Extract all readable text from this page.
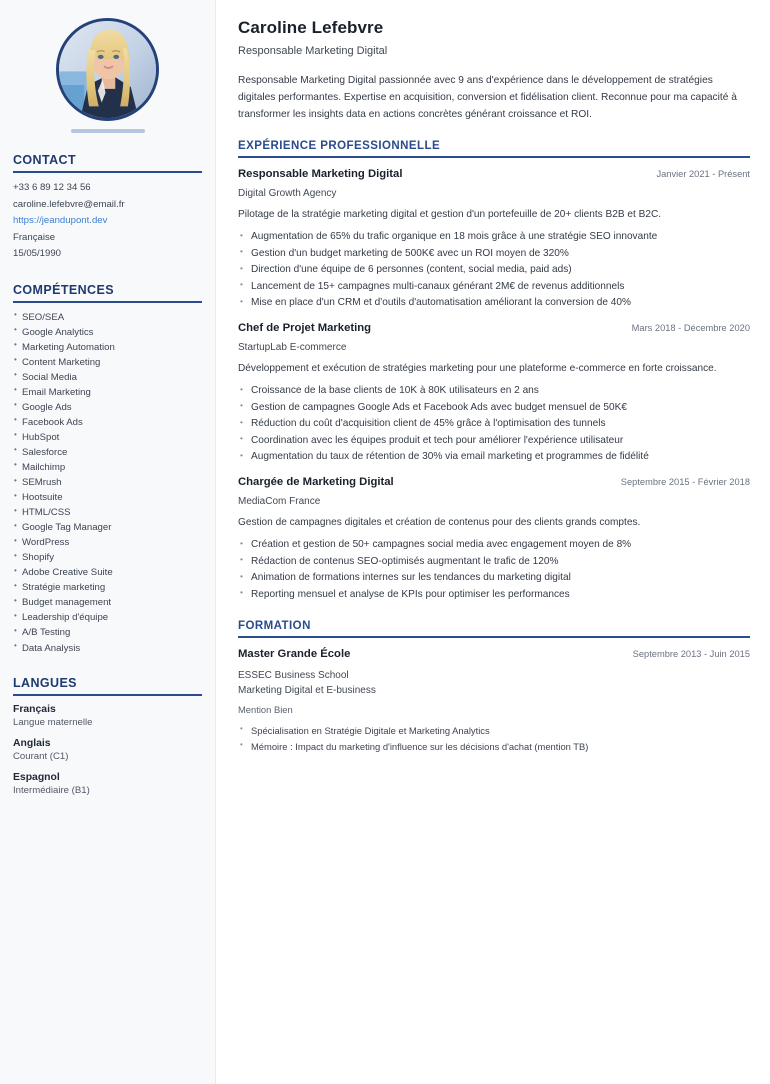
CONTACT
+33 6 89 12 34 56
caroline.lefebvre@email.fr
https://jeandupont.dev
Française
15/05/1990
COMPÉTENCES
• SEO/SEA
• Google Analytics
• Marketing Automation
• Content Marketing
• Social Media
• Email Marketing
• Google Ads
• Facebook Ads
• HubSpot
• Salesforce
• Mailchimp
• SEMrush
• Hootsuite
• HTML/CSS
• Google Tag Manager
• WordPress
• Shopify
• Adobe Creative Suite
• Stratégie marketing
• Budget management
• Leadership d'équipe
• A/B Testing
• Data Analysis
LANGUES
Français
Langue maternelle
Anglais
Courant (C1)
Espagnol
Intermédiaire (B1)
Caroline Lefebvre
Responsable Marketing Digital

Responsable Marketing Digital passionnée avec 9 ans d'expérience dans le développement de stratégies digitales performantes. Expertise en acquisition, conversion et fidélisation client. Reconnue pour ma capacité à transformer les insights data en actions concrètes générant croissance et ROI.

EXPÉRIENCE PROFESSIONNELLE
Responsable Marketing Digital	Janvier 2021 - Présent
Digital Growth Agency
Pilotage de la stratégie marketing digital et gestion d'un portefeuille de 20+ clients B2B et B2C.
• Augmentation de 65% du trafic organique en 18 mois grâce à une stratégie SEO innovante
• Gestion d'un budget marketing de 500K€ avec un ROI moyen de 320%
• Direction d'une équipe de 6 personnes (content, social media, paid ads)
• Lancement de 15+ campagnes multi-canaux générant 2M€ de revenus additionnels
• Mise en place d'un CRM et d'outils d'automatisation améliorant la conversion de 40%
Chef de Projet Marketing	Mars 2018 - Décembre 2020
StartupLab E-commerce
Développement et exécution de stratégies marketing pour une plateforme e-commerce en forte croissance.
• Croissance de la base clients de 10K à 80K utilisateurs en 2 ans
• Gestion de campagnes Google Ads et Facebook Ads avec budget mensuel de 50K€
• Réduction du coût d'acquisition client de 45% grâce à l'optimisation des tunnels
• Coordination avec les équipes produit et tech pour améliorer l'expérience utilisateur
• Augmentation du taux de rétention de 30% via email marketing et programmes de fidélité
Chargée de Marketing Digital	Septembre 2015 - Février 2018
MediaCom France
Gestion de campagnes digitales et création de contenus pour des clients grands comptes.
• Création et gestion de 50+ campagnes social media avec engagement moyen de 8%
• Rédaction de contenus SEO-optimisés augmentant le trafic de 120%
• Animation de formations internes sur les tendances du marketing digital
• Reporting mensuel et analyse de KPIs pour optimiser les performances
FORMATION
Master Grande École	Septembre 2013 - Juin 2015
ESSEC Business School
Marketing Digital et E-business
Mention Bien
• Spécialisation en Stratégie Digitale et Marketing Analytics
• Mémoire : Impact du marketing d'influence sur les décisions d'achat (mention TB)
